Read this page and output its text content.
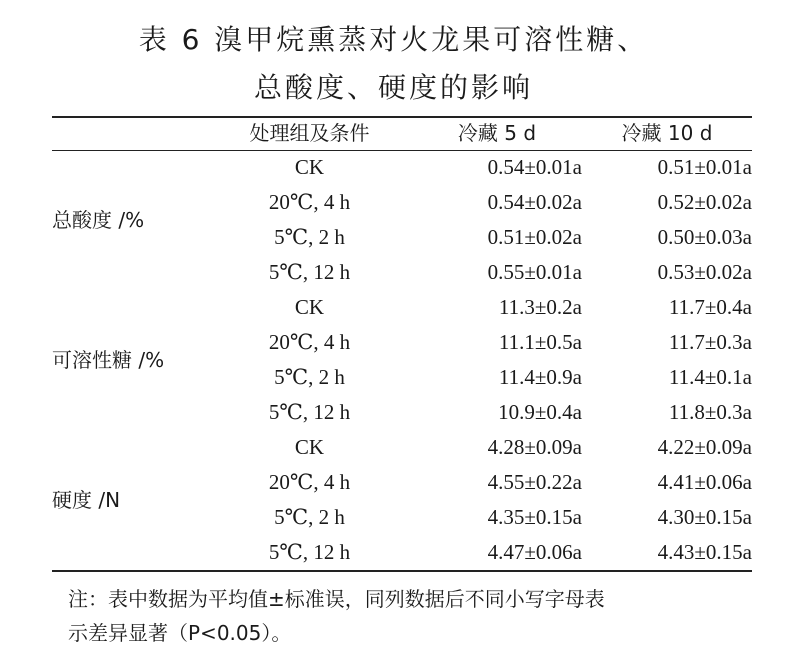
表 6 溴甲烷熏蒸对火龙果可溶性糖、
总酸度、硬度的影响
	处理组及条件	冷藏 5 d	冷藏 10 d
总酸度 /%	CK	0.54±0.01a	0.51±0.01a
	20℃, 4 h	0.54±0.02a	0.52±0.02a
	5℃, 2 h	0.51±0.02a	0.50±0.03a
	5℃, 12 h	0.55±0.01a	0.53±0.02a
可溶性糖 /%	CK	11.3±0.2a	11.7±0.4a
	20℃, 4 h	11.1±0.5a	11.7±0.3a
	5℃, 2 h	11.4±0.9a	11.4±0.1a
	5℃, 12 h	10.9±0.4a	11.8±0.3a
硬度 /N	CK	4.28±0.09a	4.22±0.09a
	20℃, 4 h	4.55±0.22a	4.41±0.06a
	5℃, 2 h	4.35±0.15a	4.30±0.15a
	5℃, 12 h	4.47±0.06a	4.43±0.15a
注：表中数据为平均值±标准误，同列数据后不同小写字母表
示差异显著（P<0.05）。
